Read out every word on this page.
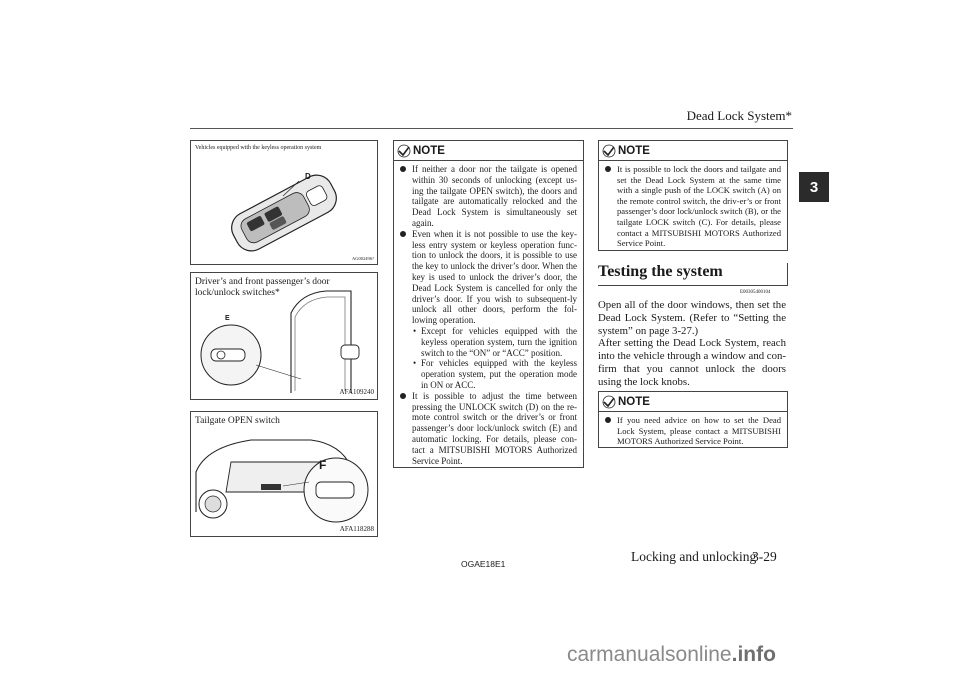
Dead Lock System*
3
Vehicles equipped with the keyless operation system
D
AG002496?
Driver’s and front passenger’s door lock/unlock switches*
E
AFA109240
Tailgate OPEN switch
F
AFA118288
NOTE

If neither a door nor the tailgate is opened within 30 seconds of unlocking (except us-ing the tailgate OPEN switch), the doors and tailgate are automatically relocked and the Dead Lock System is simultaneously set again.

Even when it is not possible to use the key-less entry system or keyless operation func-tion to unlock the doors, it is possible to use the key to unlock the driver’s door. When the key is used to unlock the driver’s door, the Dead Lock System is cancelled for only the driver’s door. If you wish to subsequent-ly unlock all other doors, perform the fol-lowing operation.

• Except for vehicles equipped with the keyless operation system, turn the ignition switch to the “ON” or “ACC” position.

• For vehicles equipped with the keyless operation system, put the operation mode in ON or ACC.

It is possible to adjust the time between pressing the UNLOCK switch (D) on the re-mote control switch or the driver’s or front passenger’s door lock/unlock switch (E) and automatic locking. For details, please con-tact a MITSUBISHI MOTORS Authorized Service Point.

NOTE

It is possible to lock the doors and tailgate and set the Dead Lock System at the same time with a single push of the LOCK switch (A) on the remote control switch, the driv-er’s or front passenger’s door lock/unlock switch (B), or the tailgate LOCK switch (C). For details, please contact a MITSUBISHI MOTORS Authorized Service Point.

Testing the system
E00305400104

Open all of the door windows, then set the Dead Lock System. (Refer to “Setting the system” on page 3-27.)

After setting the Dead Lock System, reach into the vehicle through a window and con-firm that you cannot unlock the doors using the lock knobs.

NOTE

If you need advice on how to set the Dead Lock System, please contact a MITSUBISHI MOTORS Authorized Service Point.

OGAE18E1	Locking and unlocking
3-29
carmanualsonline.info
